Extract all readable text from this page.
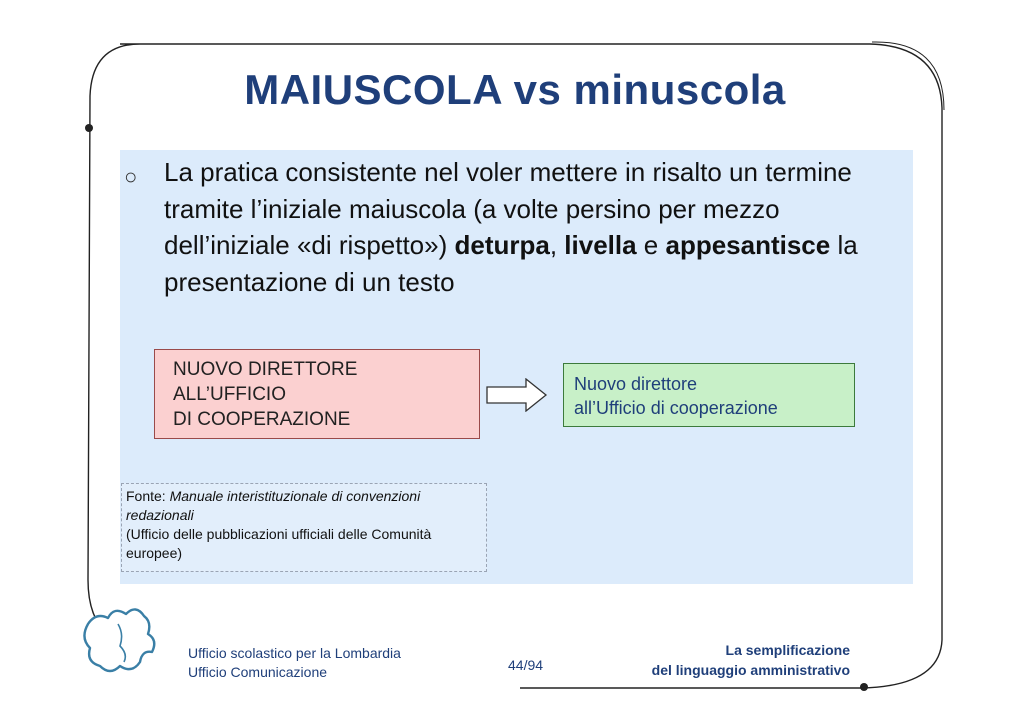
MAIUSCOLA vs minuscola
○ La pratica consistente nel voler mettere in risalto un termine tramite l’iniziale maiuscola (a volte persino per mezzo dell’iniziale «di rispetto») deturpa, livella e appesantisce la presentazione di un testo
NUOVO DIRETTORE
ALL’UFFICIO
DI COOPERAZIONE
Nuovo direttore
all’Ufficio di cooperazione
Fonte: Manuale interistituzionale di convenzioni redazionali
(Ufficio delle pubblicazioni ufficiali delle Comunità europee)
Ufficio scolastico per la Lombardia
Ufficio Comunicazione	44/94
La semplificazione
del linguaggio amministrativo
